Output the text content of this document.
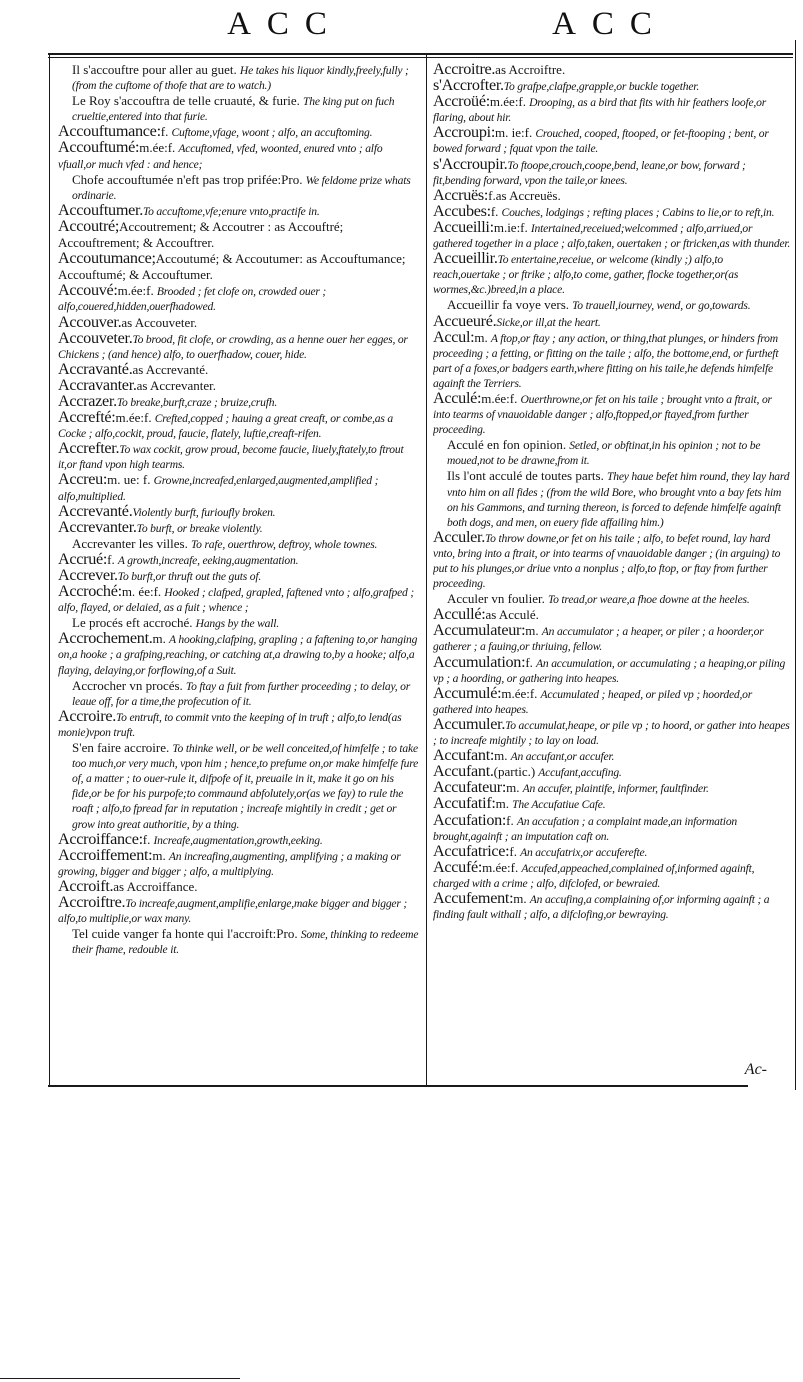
ACC	ACC

Il s'accouftre pour aller au guet. He takes his liquor kindly,freely,fully ;(from the cuftome of thofe that are to watch.)

Le Roy s'accouftra de telle cruauté, & furie. The king put on fuch crueltie,entered into that furie.

Accouftumance:f. Cuftome,vfage, woont ; alfo, an accuftoming.

Accouftumé:m.ée:f. Accuftomed, vfed, woonted, enured vnto ; alfo vfuall,or much vfed : and hence;

Chofe accouftumée n'eft pas trop prifée:Pro. We feldome prize whats ordinarie.

Accouftumer.To accuftome,vfe;enure vnto,practife in.

Accoutré;Accoutrement; & Accoutrer : as Accouftré; Accouftrement; & Accouftrer.

Accoutumance;Accoutumé; & Accoutumer: as Accouftumance; Accouftumé; & Accouftumer.

Accouvé:m.ée:f. Brooded ; fet clofe on, crowded ouer ; alfo,couered,hidden,ouerfhadowed.

Accouver.as Accouveter.

Accouveter.To brood, fit clofe, or crowding, as a henne ouer her egges, or Chickens ; (and hence) alfo, to ouerfhadow, couer, hide.

Accravanté.as Accrevanté.

Accravanter.as Accrevanter.

Accrazer.To breake,burft,craze ; bruize,crufh.

Accrefté:m.ée:f. Crefted,copped ; hauing a great creaft, or combe,as a Cocke ; alfo,cockit, proud, faucie, flately, luftie,creaft-rifen.

Accrefter.To wax cockit, grow proud, become faucie, liuely,ftately,to ftrout it,or ftand vpon high tearms.

Accreu:m. ue: f. Growne,increafed,enlarged,augmented,amplified ; alfo,multiplied.

Accrevanté.Violently burft, furioufly broken.

Accrevanter.To burft, or breake violently.

Accrevanter les villes. To rafe, ouerthrow, deftroy, whole townes.

Accrué:f. A growth,increafe, eeking,augmentation.

Accrever.To burft,or thruft out the guts of.

Accroché:m. ée:f. Hooked ; clafped, grapled, faftened vnto ; alfo,grafped ; alfo, flayed, or delaied, as a fuit ; whence ;

Le procés eft accroché. Hangs by the wall.

Accrochement.m. A hooking,clafping, grapling ; a faftening to,or hanging on,a hooke ; a grafping,reaching, or catching at,a drawing to,by a hooke; alfo,a flaying, delaying,or forflowing,of a Suit.

Accrocher vn procés. To ftay a fuit from further proceeding ; to delay, or leaue off, for a time,the profecution of it.

Accroire.To entruft, to commit vnto the keeping of in truft ; alfo,to lend(as monie)vpon truft.

S'en faire accroire. To thinke well, or be well conceited,of himfelfe ; to take too much,or very much, vpon him ; hence,to prefume on,or make himfelfe fure of, a matter ; to ouer-rule it, difpofe of it, preuaile in it, make it go on his fide,or be for his purpofe;to commaund abfolutely,or(as we fay) to rule the roaft ; alfo,to fpread far in reputation ; increafe mightily in credit ; get or grow into great authoritie, by a thing.

Accroiffance:f. Increafe,augmentation,growth,eeking.

Accroiffement:m. An increafing,augmenting, amplifying ; a making or growing, bigger and bigger ; alfo, a multiplying.

Accroift.as Accroiffance.

Accroiftre.To increafe,augment,amplifie,enlarge,make bigger and bigger ; alfo,to multiplie,or wax many.

Tel cuide vanger fa honte qui l'accroift:Pro. Some, thinking to redeeme their fhame, redouble it.

Accroitre.as Accroiftre.

s'Accrofter.To grafpe,clafpe,grapple,or buckle together.

Accroüé:m.ée:f. Drooping, as a bird that fits with hir feathers loofe,or flaring, about hir.

Accroupi:m. ie:f. Crouched, cooped, ftooped, or fet-ftooping ; bent, or bowed forward ; fquat vpon the taile.

s'Accroupir.To ftoope,crouch,coope,bend, leane,or bow, forward ; fit,bending forward, vpon the taile,or knees.

Accruës:f.as Accreuës.

Accubes:f. Couches, lodgings ; refting places ; Cabins to lie,or to reft,in.

Accueilli:m.ie:f. Intertained,receiued;welcommed ; alfo,arriued,or gathered together in a place ; alfo,taken, ouertaken ; or ftricken,as with thunder.

Accueillir.To entertaine,receiue, or welcome (kindly ;) alfo,to reach,ouertake ; or ftrike ; alfo,to come, gather, flocke together,or(as wormes,&c.)breed,in a place.

Accueillir fa voye vers. To trauell,iourney, wend, or go,towards.

Accueuré.Sicke,or ill,at the heart.

Accul:m. A ftop,or ftay ; any action, or thing,that plunges, or hinders from proceeding ; a fetting, or fitting on the taile ; alfo, the bottome,end, or furtheft part of a foxes,or badgers earth,where fitting on his taile,he defends himfelfe againft the Terriers.

Acculé:m.ée:f. Ouerthrowne,or fet on his taile ; brought vnto a ftrait, or into tearms of vnauoidable danger ; alfo,ftopped,or ftayed,from further proceeding.

Acculé en fon opinion. Setled, or obftinat,in his opinion ; not to be moued,not to be drawne,from it.

Ils l'ont acculé de toutes parts. They haue befet him round, they lay hard vnto him on all fides ; (from the wild Bore, who brought vnto a bay fets him on his Gammons, and turning thereon, is forced to defende himfelfe againft both dogs, and men, on euery fide affailing him.)

Acculer.To throw downe,or fet on his taile ; alfo, to befet round, lay hard vnto, bring into a ftrait, or into tearms of vnauoidable danger ; (in arguing) to put to his plunges,or driue vnto a nonplus ; alfo,to ftop, or ftay from further proceeding.

Acculer vn foulier. To tread,or weare,a fhoe downe at the heeles.

Accullé:as Acculé.

Accumulateur:m. An accumulator ; a heaper, or piler ; a hoorder,or gatherer ; a fauing,or thriuing, fellow.

Accumulation:f. An accumulation, or accumulating ; a heaping,or piling vp ; a hoording, or gathering into heapes.

Accumulé:m.ée:f. Accumulated ; heaped, or piled vp ; hoorded,or gathered into heapes.

Accumuler.To accumulat,heape, or pile vp ; to hoord, or gather into heapes ; to increafe mightily ; to lay on load.

Accufant:m. An accufant,or accufer.

Accufant.(partic.) Accufant,accufing.

Accufateur:m. An accufer, plaintife, informer, faultfinder.

Accufatif:m. The Accufatiue Cafe.

Accufation:f. An accufation ; a complaint made,an information brought,againft ; an imputation caft on.

Accufatrice:f. An accufatrix,or accuferefte.

Accufé:m.ée:f. Accufed,appeached,complained of,informed againft, charged with a crime ; alfo, difclofed, or bewraied.

Accufement:m. An accufing,a complaining of,or informing againft ; a finding fault withall ; alfo, a difclofing,or bewraying.

Ac-
